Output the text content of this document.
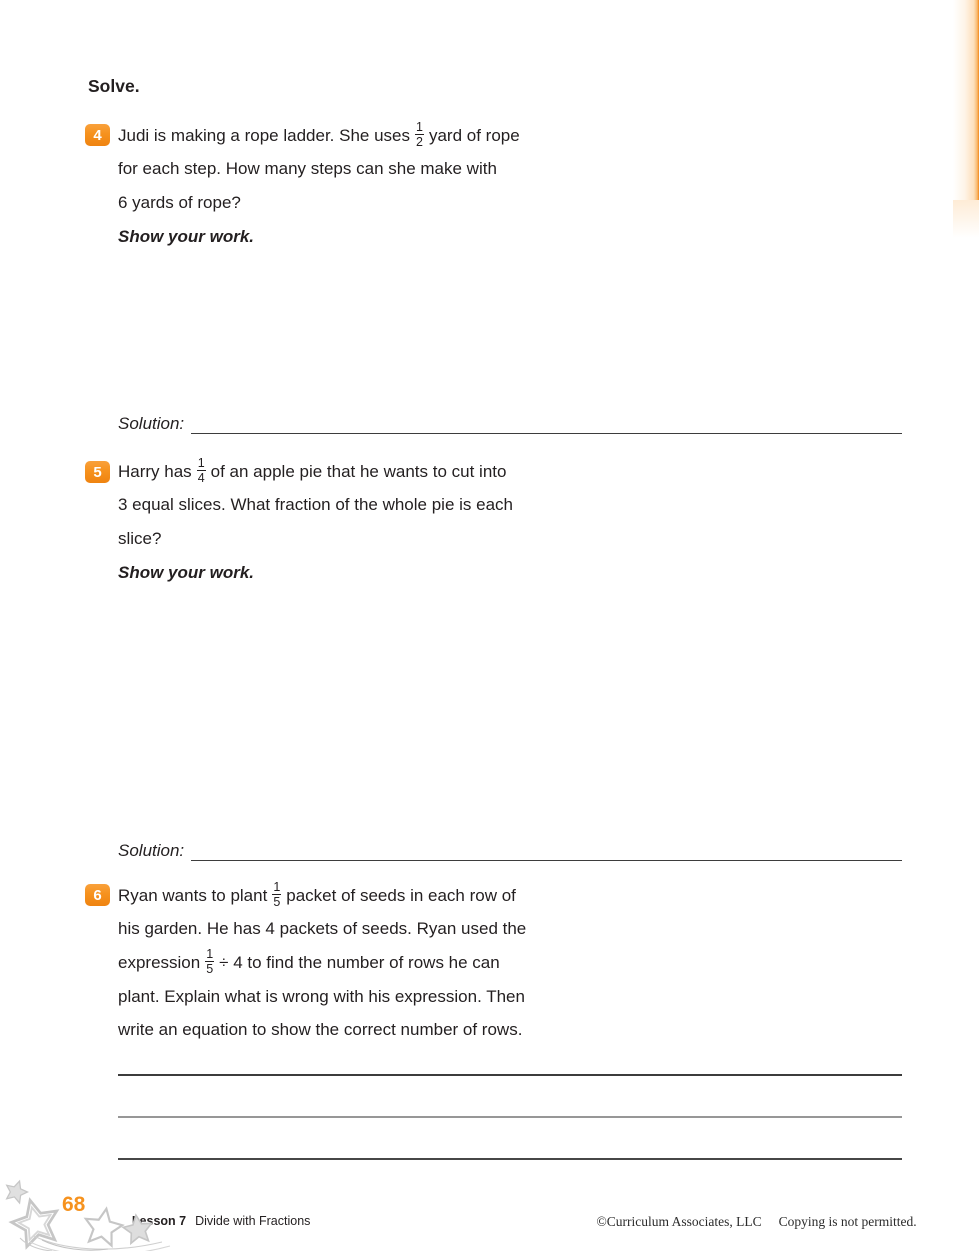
Solve.
4 Judi is making a rope ladder. She uses $\frac{1}{2}$ yard of rope
for each step. How many steps can she make with
6 yards of rope?
Show your work.
Solution:
5 Harry has $\frac{1}{4}$ of an apple pie that he wants to cut into
3 equal slices. What fraction of the whole pie is each
slice?
Show your work.
Solution:
6 Ryan wants to plant $\frac{1}{5}$ packet of seeds in each row of
his garden. He has 4 packets of seeds. Ryan used the
expression $\frac{1}{5} \div 4$ to find the number of rows he can
plant. Explain what is wrong with his expression. Then
write an equation to show the correct number of rows.
68

Lesson 7 Divide with Fractions
	©Curriculum Associates, LLC Copying is not permitted.
